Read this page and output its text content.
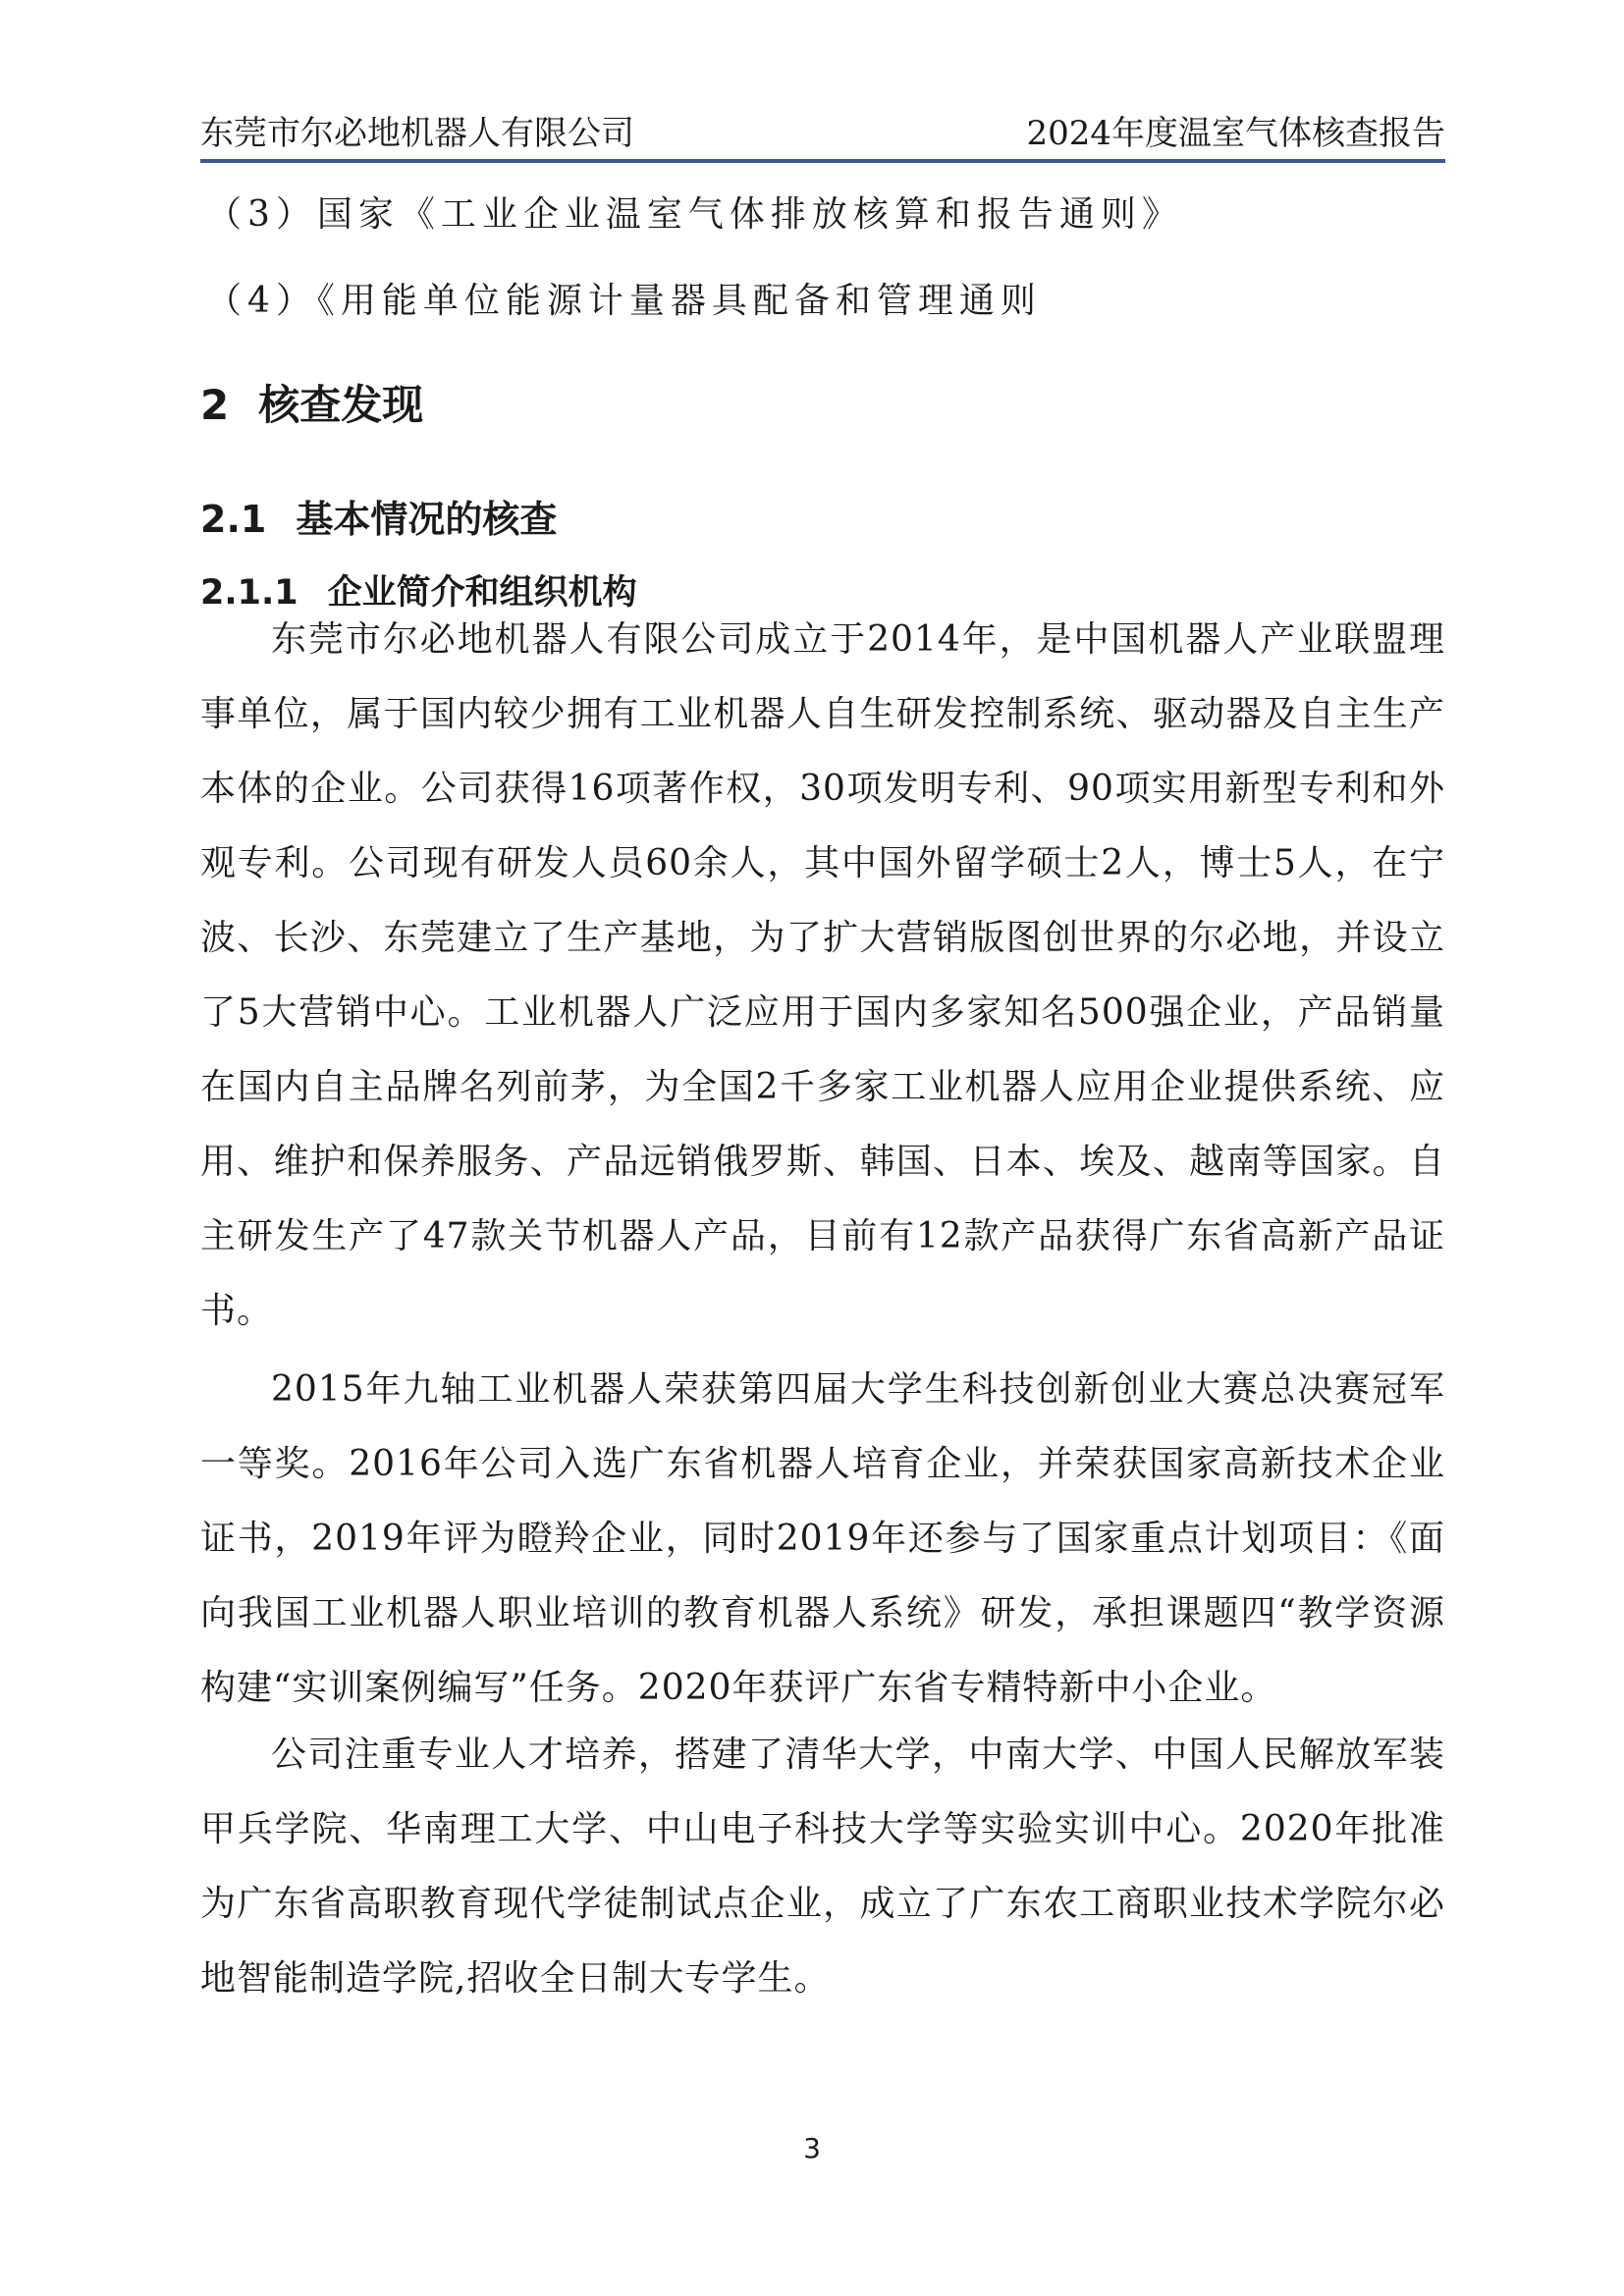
东莞市尔必地机器人有限公司	2024年度温室气体核查报告
（3）国家《工业企业温室气体排放核算和报告通则》
（4）《用能单位能源计量器具配备和管理通则
2 核查发现
2.1 基本情况的核查
2.1.1 企业简介和组织机构

东莞市尔必地机器人有限公司成立于2014年，是中国机器人产业联盟理事单位，属于国内较少拥有工业机器人自生研发控制系统、驱动器及自主生产本体的企业。公司获得16项著作权，30项发明专利、90项实用新型专利和外观专利。公司现有研发人员60余人，其中国外留学硕士2人，博士5人，在宁波、长沙、东莞建立了生产基地，为了扩大营销版图创世界的尔必地，并设立了5大营销中心。工业机器人广泛应用于国内多家知名500强企业，产品销量在国内自主品牌名列前茅，为全国2千多家工业机器人应用企业提供系统、应用、维护和保养服务、产品远销俄罗斯、韩国、日本、埃及、越南等国家。自主研发生产了47款关节机器人产品，目前有12款产品获得广东省高新产品证书。

2015年九轴工业机器人荣获第四届大学生科技创新创业大赛总决赛冠军一等奖。2016年公司入选广东省机器人培育企业，并荣获国家高新技术企业证书，2019年评为瞪羚企业，同时2019年还参与了国家重点计划项目：《面向我国工业机器人职业培训的教育机器人系统》研发，承担课题四“教学资源构建“实训案例编写”任务。2020年获评广东省专精特新中小企业。

公司注重专业人才培养，搭建了清华大学，中南大学、中国人民解放军装甲兵学院、华南理工大学、中山电子科技大学等实验实训中心。2020年批准为广东省高职教育现代学徒制试点企业，成立了广东农工商职业技术学院尔必地智能制造学院,招收全日制大专学生。

3
